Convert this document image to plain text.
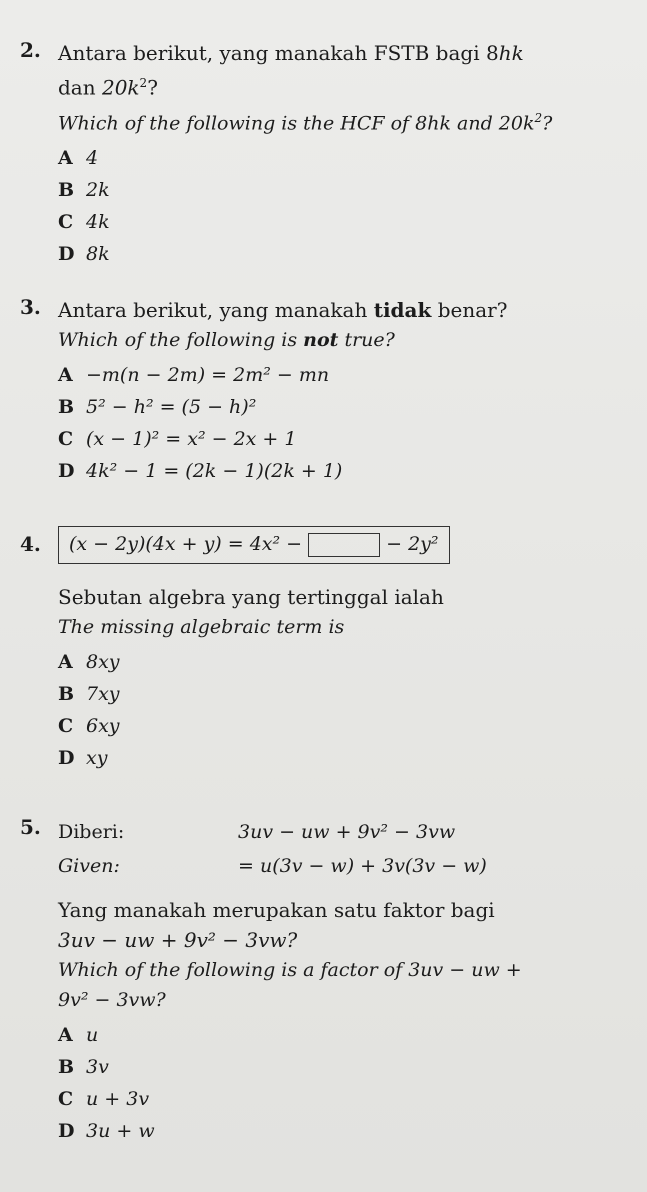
2. Antara berikut, yang manakah FSTB bagi 8hk
dan $20k^2$?
Which of the following is the HCF of 8hk and $20k^2$?
A 4
B 2k
C 4k
D 8k
3. Antara berikut, yang manakah tidak benar?
Which of the following is not true?
A −m(n − 2m) = 2m² − mn
B 5² − h² = (5 − h)²
C (x − 1)² = x² − 2x + 1
D 4k² − 1 = (2k − 1)(2k + 1)
4.	(x − 2y)(4x + y) = 4x² −	− 2y²
Sebutan algebra yang tertinggal ialah
The missing algebraic term is
A 8xy
B 7xy
C 6xy
D xy
5. Diberi:	3uv − uw + 9v² − 3vw
Given:	= u(3v − w) + 3v(3v − w)
Yang manakah merupakan satu faktor bagi
3uv − uw + 9v² − 3vw?
Which of the following is a factor of 3uv − uw +
9v² − 3vw?
A u
B 3v
C u + 3v
D 3u + w
